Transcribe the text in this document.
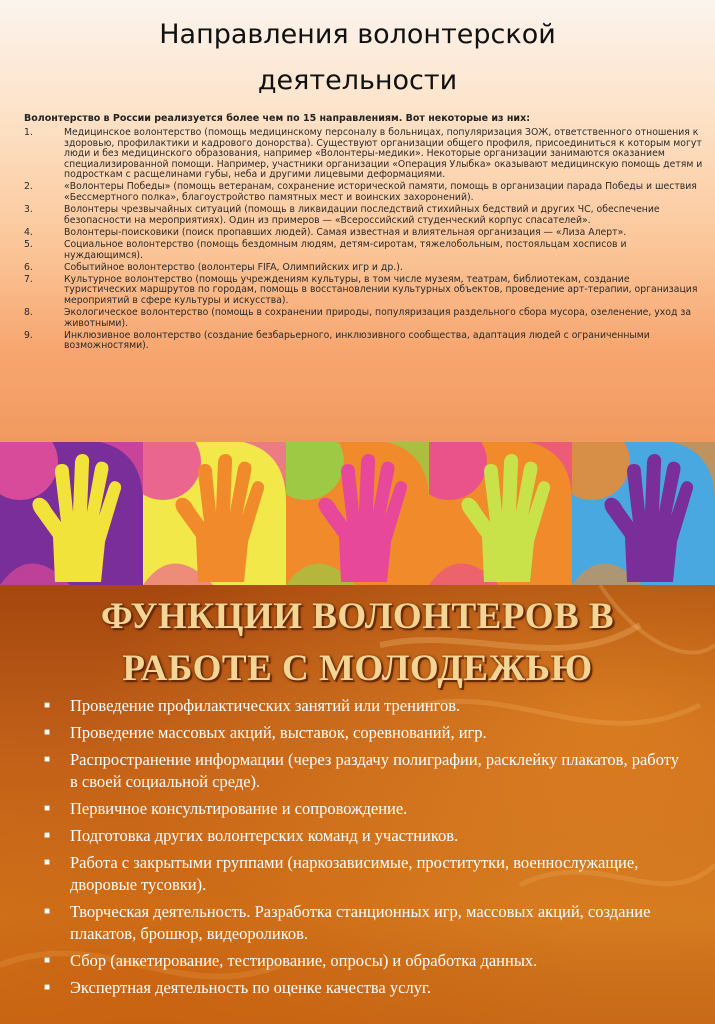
Направления волонтерской
деятельности
Волонтерство в России реализуется более чем по 15 направлениям. Вот некоторые из них:
1.	Медицинское волонтерство (помощь медицинскому персоналу в больницах, популяризация ЗОЖ, ответственного отношения к здоровью, профилактики и кадрового донорства). Существуют организации общего профиля, присоединиться к которым могут люди и без медицинского образования, например «Волонтеры-медики». Некоторые организации занимаются оказанием специализированной помощи. Например, участники организации «Операция Улыбка» оказывают медицинскую помощь детям и подросткам с расщелинами губы, неба и другими лицевыми деформациями.
2.	«Волонтеры Победы» (помощь ветеранам, сохранение исторической памяти, помощь в организации парада Победы и шествия «Бессмертного полка», благоустройство памятных мест и воинских захоронений).
3.	Волонтеры чрезвычайных ситуаций (помощь в ликвидации последствий стихийных бедствий и других ЧС, обеспечение безопасности на мероприятиях). Один из примеров — «Всероссийский студенческий корпус спасателей».
4.	Волонтеры-поисковики (поиск пропавших людей). Самая известная и влиятельная организация — «Лиза Алерт».
5.	Социальное волонтерство (помощь бездомным людям, детям-сиротам, тяжелобольным, постояльцам хосписов и нуждающимся).
6.	Событийное волонтерство (волонтеры FIFA, Олимпийских игр и др.).
7.	Культурное волонтерство (помощь учреждениям культуры, в том числе музеям, театрам, библиотекам, создание туристических маршрутов по городам, помощь в восстановлении культурных объектов, проведение арт-терапии, организация мероприятий в сфере культуры и искусства).
8.	Экологическое волонтерство (помощь в сохранении природы, популяризация раздельного сбора мусора, озеленение, уход за животными).
9.	Инклюзивное волонтерство (создание безбарьерного, инклюзивного сообщества, адаптация людей с ограниченными возможностями).
ФУНКЦИИ ВОЛОНТЕРОВ В
РАБОТЕ С МОЛОДЕЖЬЮ
■	Проведение профилактических занятий или тренингов.
■	Проведение массовых акций, выставок, соревнований, игр.
■	Распространение информации (через раздачу полиграфии, расклейку плакатов, работу в своей социальной среде).
■	Первичное консультирование и сопровождение.
■	Подготовка других волонтерских команд и участников.
■	Работа с закрытыми группами (наркозависимые, проститутки, военнослужащие, дворовые тусовки).
■	Творческая деятельность. Разработка станционных игр, массовых акций, создание плакатов, брошюр, видеороликов.
■	Сбор (анкетирование, тестирование, опросы) и обработка данных.
■	Экспертная деятельность по оценке качества услуг.
